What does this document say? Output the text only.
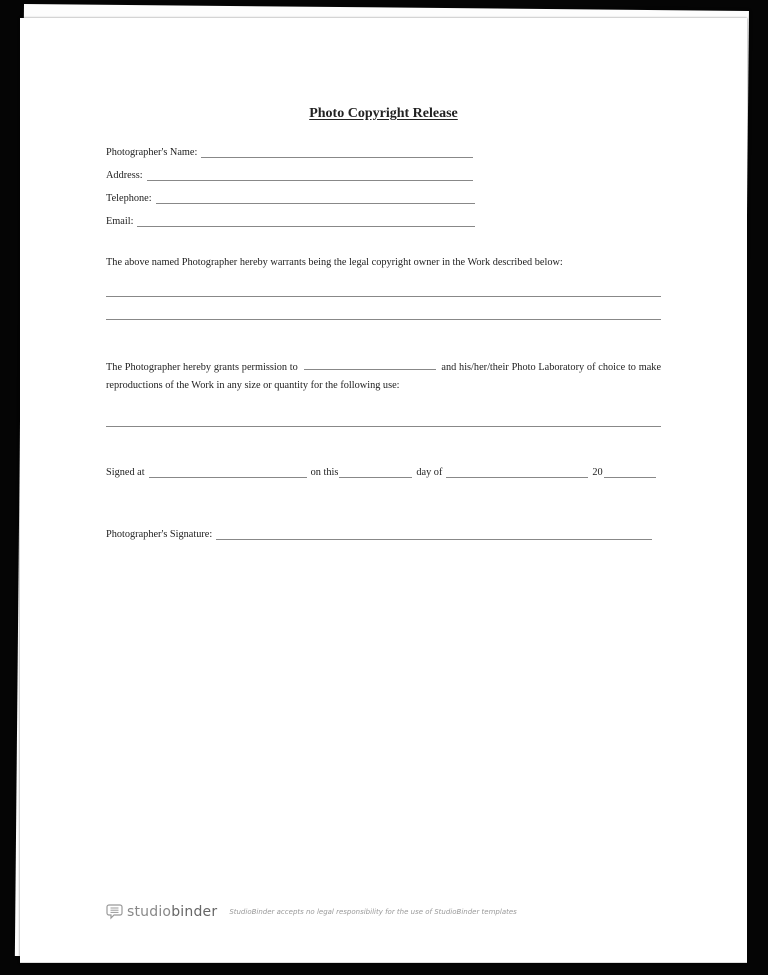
Photo Copyright Release
Photographer's Name:
Address:
Telephone:
Email:
The above named Photographer hereby warrants being the legal copyright owner in the Work described below:
The Photographer hereby grants permission to	and his/her/their Photo Laboratory of choice to make reproductions of the Work in any size or quantity for the following use:
Signed at	on this	day of	20
Photographer's Signature:
studio binder StudioBinder accepts no legal responsibility for the use of StudioBinder templates
